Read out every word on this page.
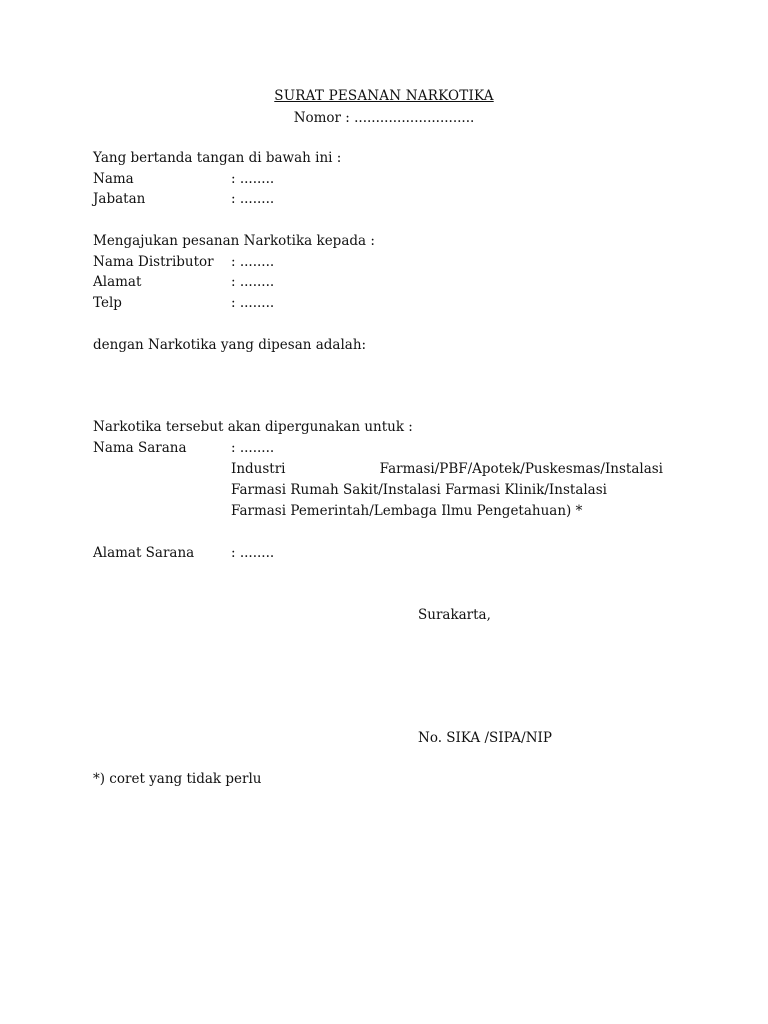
SURAT PESANAN NARKOTIKA
Nomor : ............................
Yang bertanda tangan di bawah ini :
Nama	: ........
Jabatan	: ........
Mengajukan pesanan Narkotika kepada :
Nama Distributor : ........
Alamat	: ........
Telp	: ........
dengan Narkotika yang dipesan adalah:
Narkotika tersebut akan dipergunakan untuk :
Nama Sarana	: ........
Industri	Farmasi/PBF/Apotek/Puskesmas/Instalasi
Farmasi Rumah Sakit/Instalasi Farmasi Klinik/Instalasi
Farmasi Pemerintah/Lembaga Ilmu Pengetahuan) *
Alamat Sarana	: ........
Surakarta,
No. SIKA /SIPA/NIP
*) coret yang tidak perlu
